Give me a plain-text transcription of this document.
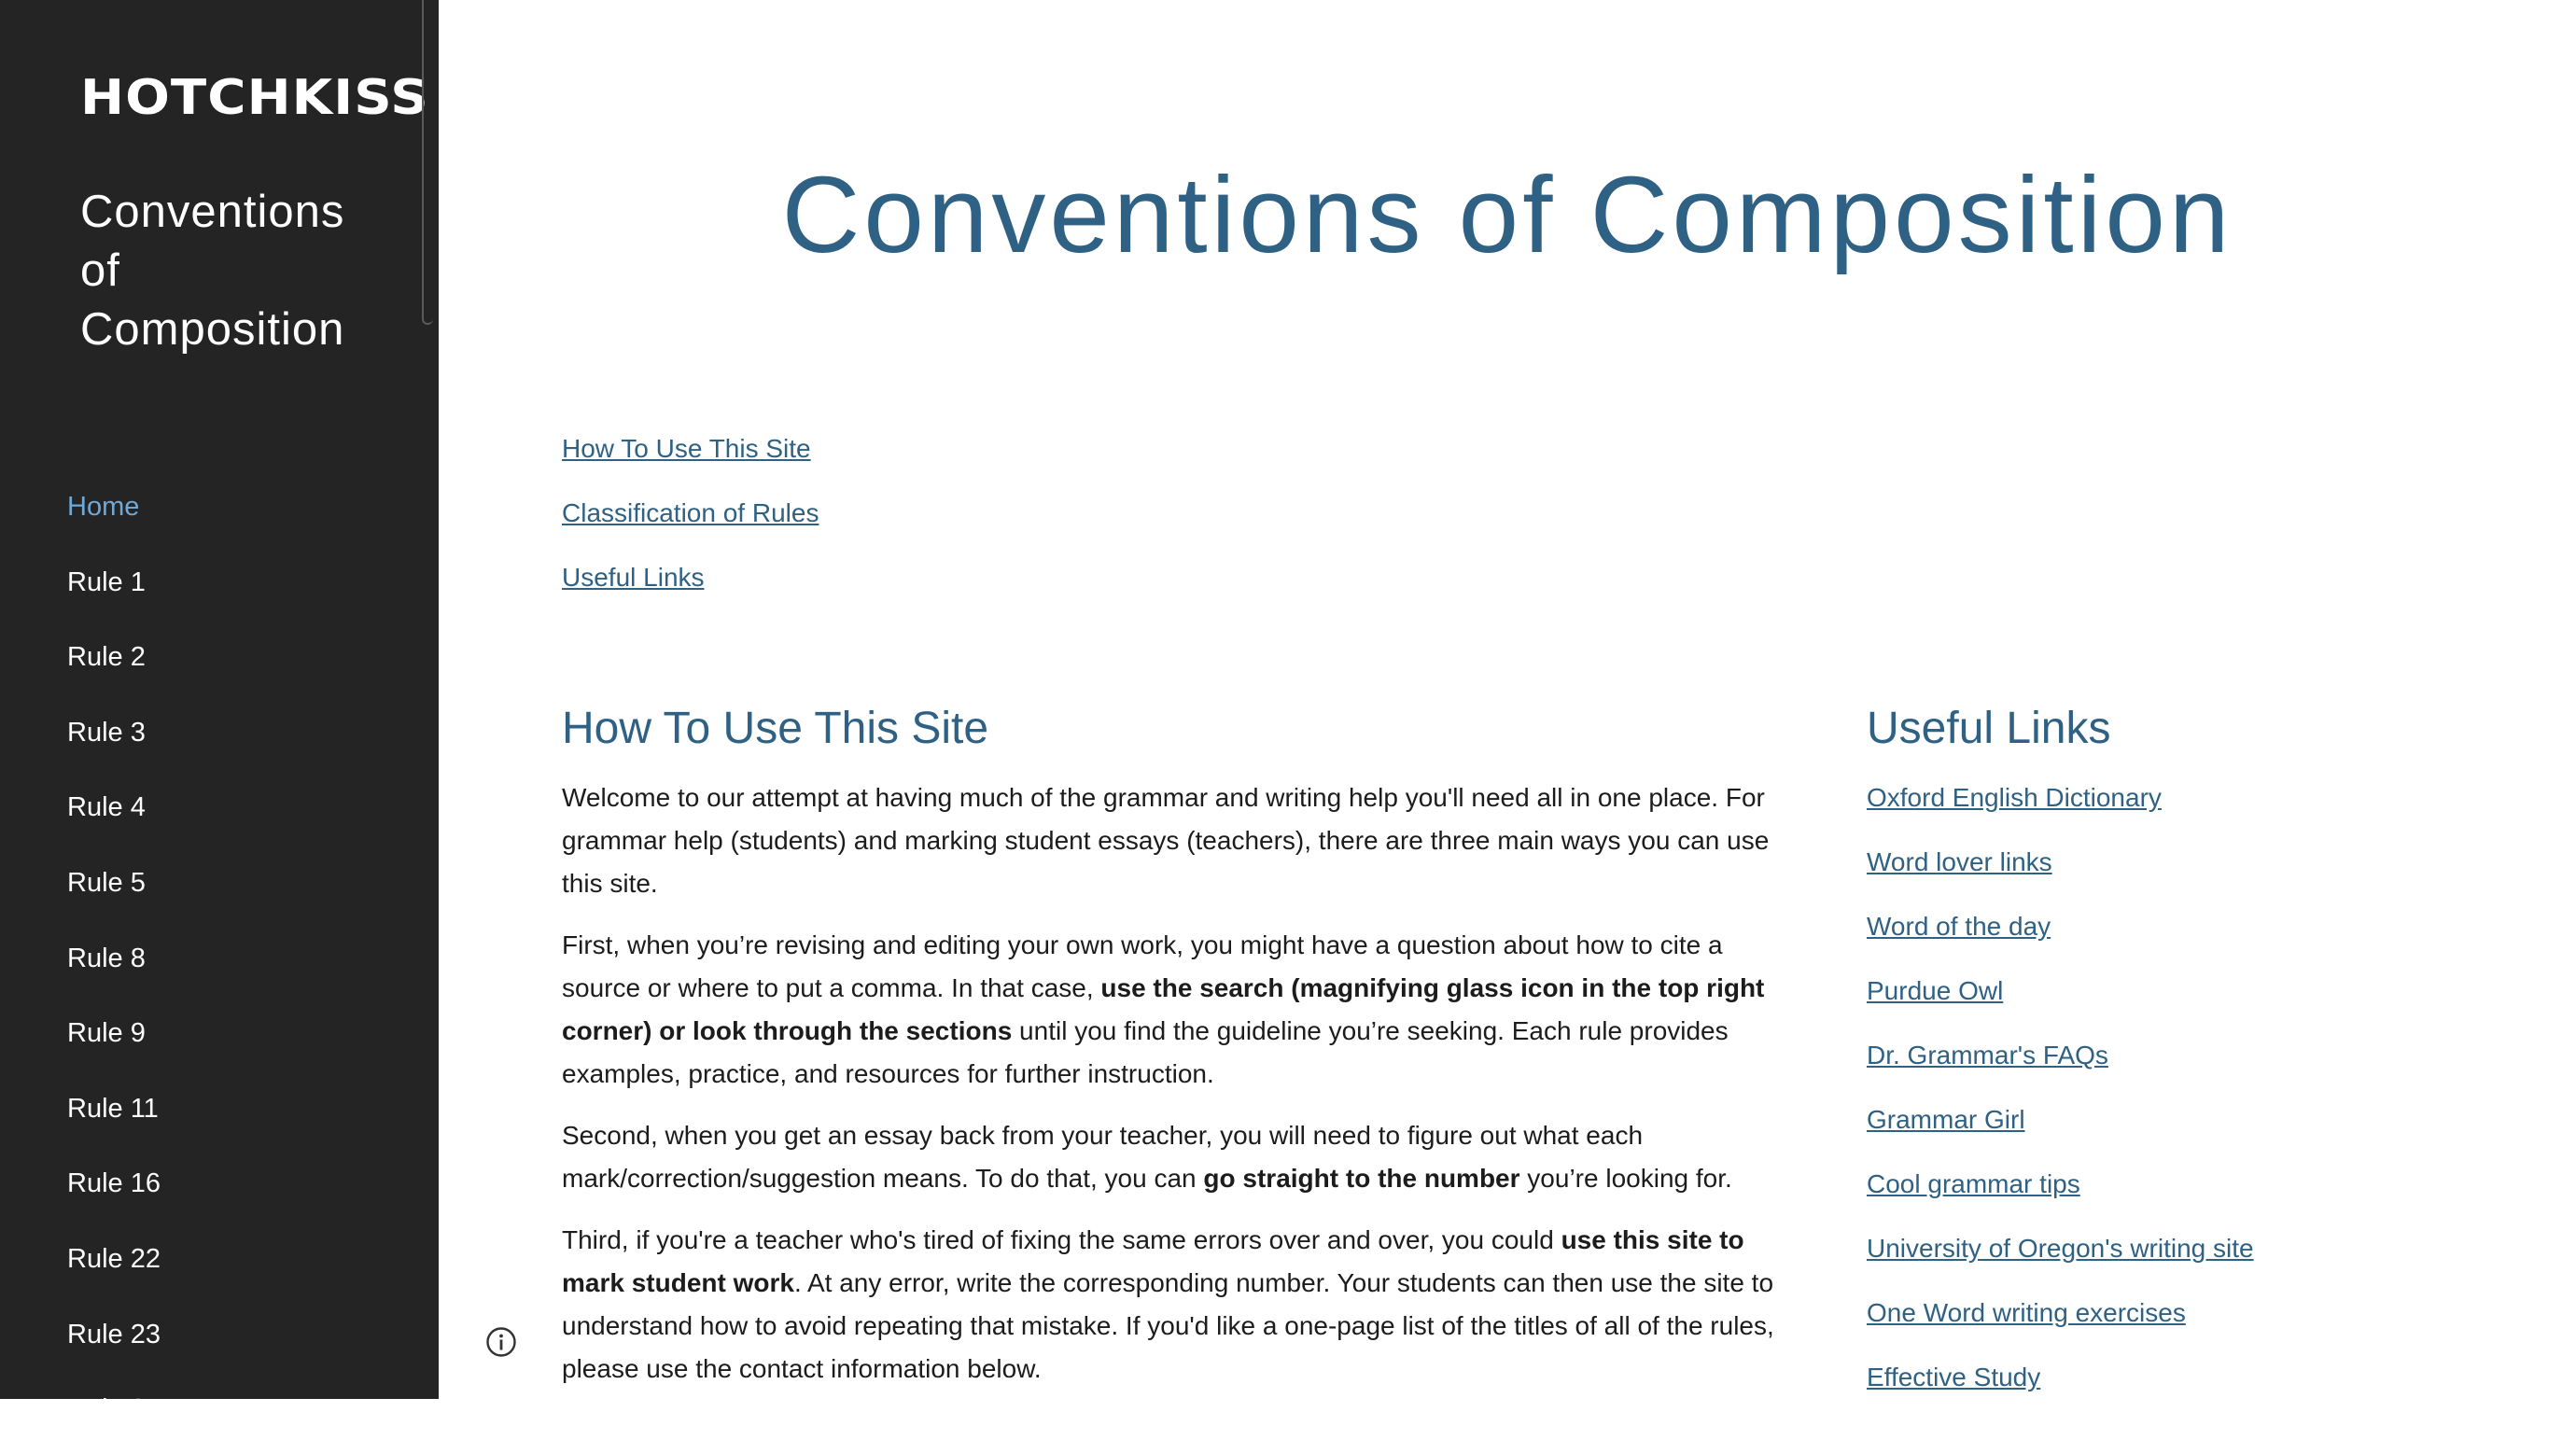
HOTCHKISS
Conventions of Composition
Home
Rule 1
Rule 2
Rule 3
Rule 4
Rule 5
Rule 8
Rule 9
Rule 11
Rule 16
Rule 22
Rule 23
Rule 24
Conventions of Composition
How To Use This Site
Classification of Rules
Useful Links
How To Use This Site

Welcome to our attempt at having much of the grammar and writing help you'll need all in one place. For grammar help (students) and marking student essays (teachers), there are three main ways you can use this site.

First, when you’re revising and editing your own work, you might have a question about how to cite a source or where to put a comma. In that case, use the search (magnifying glass icon in the top right corner) or look through the sections until you find the guideline you’re seeking. Each rule provides examples, practice, and resources for further instruction.

Second, when you get an essay back from your teacher, you will need to figure out what each mark/correction/suggestion means. To do that, you can go straight to the number you’re looking for.

Third, if you're a teacher who's tired of fixing the same errors over and over, you could use this site to mark student work. At any error, write the corresponding number. Your students can then use the site to understand how to avoid repeating that mistake. If you'd like a one-page list of the titles of all of the rules, please use the contact information below.

Useful Links
Oxford English Dictionary
Word lover links
Word of the day
Purdue Owl
Dr. Grammar's FAQs
Grammar Girl
Cool grammar tips
University of Oregon's writing site
One Word writing exercises
Effective Study
